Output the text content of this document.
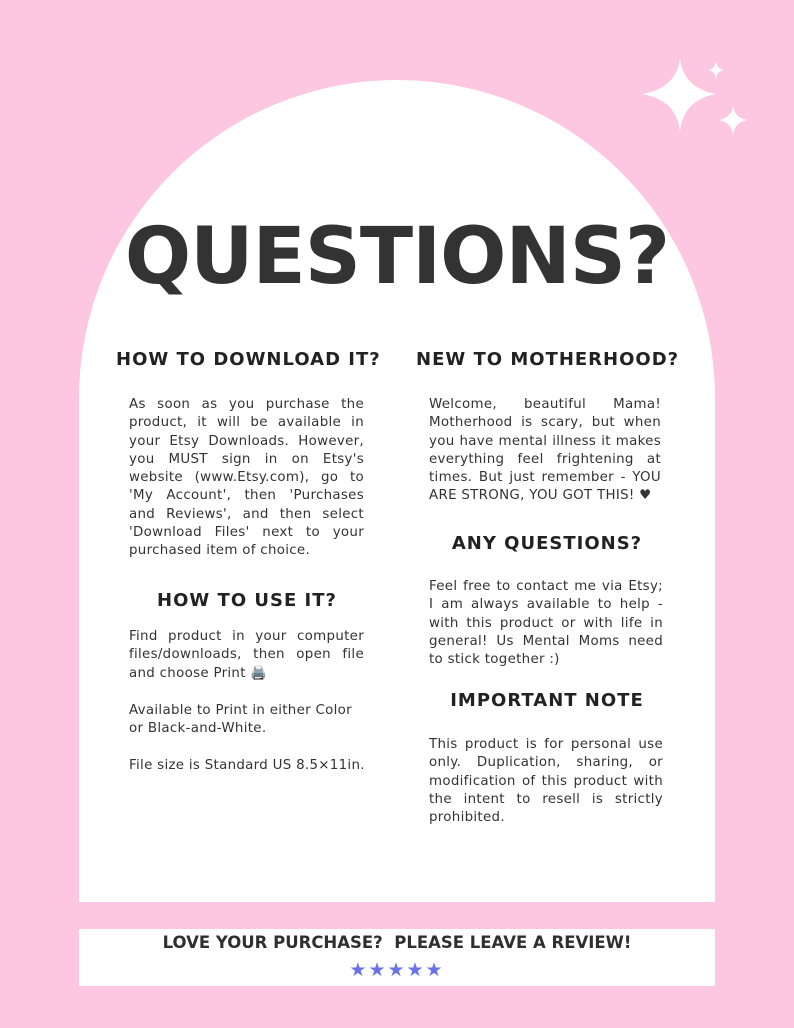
QUESTIONS?
HOW TO DOWNLOAD IT?
As soon as you purchase the product, it will be available in your Etsy Downloads. However, you MUST sign in on Etsy's website (www.Etsy.com), go to 'My Account', then 'Purchases and Reviews', and then select 'Download Files' next to your purchased item of choice.
HOW TO USE IT?
Find product in your computer files/downloads, then open file and choose Print 🖨️
Available to Print in either Color or Black-and-White.
File size is Standard US 8.5×11in.
NEW TO MOTHERHOOD?
Welcome, beautiful Mama! Motherhood is scary, but when you have mental illness it makes everything feel frightening at times. But just remember - YOU ARE STRONG, YOU GOT THIS! ♥
ANY QUESTIONS?
Feel free to contact me via Etsy; I am always available to help - with this product or with life in general! Us Mental Moms need to stick together :)
IMPORTANT NOTE
This product is for personal use only. Duplication, sharing, or modification of this product with the intent to resell is strictly prohibited.
LOVE YOUR PURCHASE?  PLEASE LEAVE A REVIEW!
★★★★★
